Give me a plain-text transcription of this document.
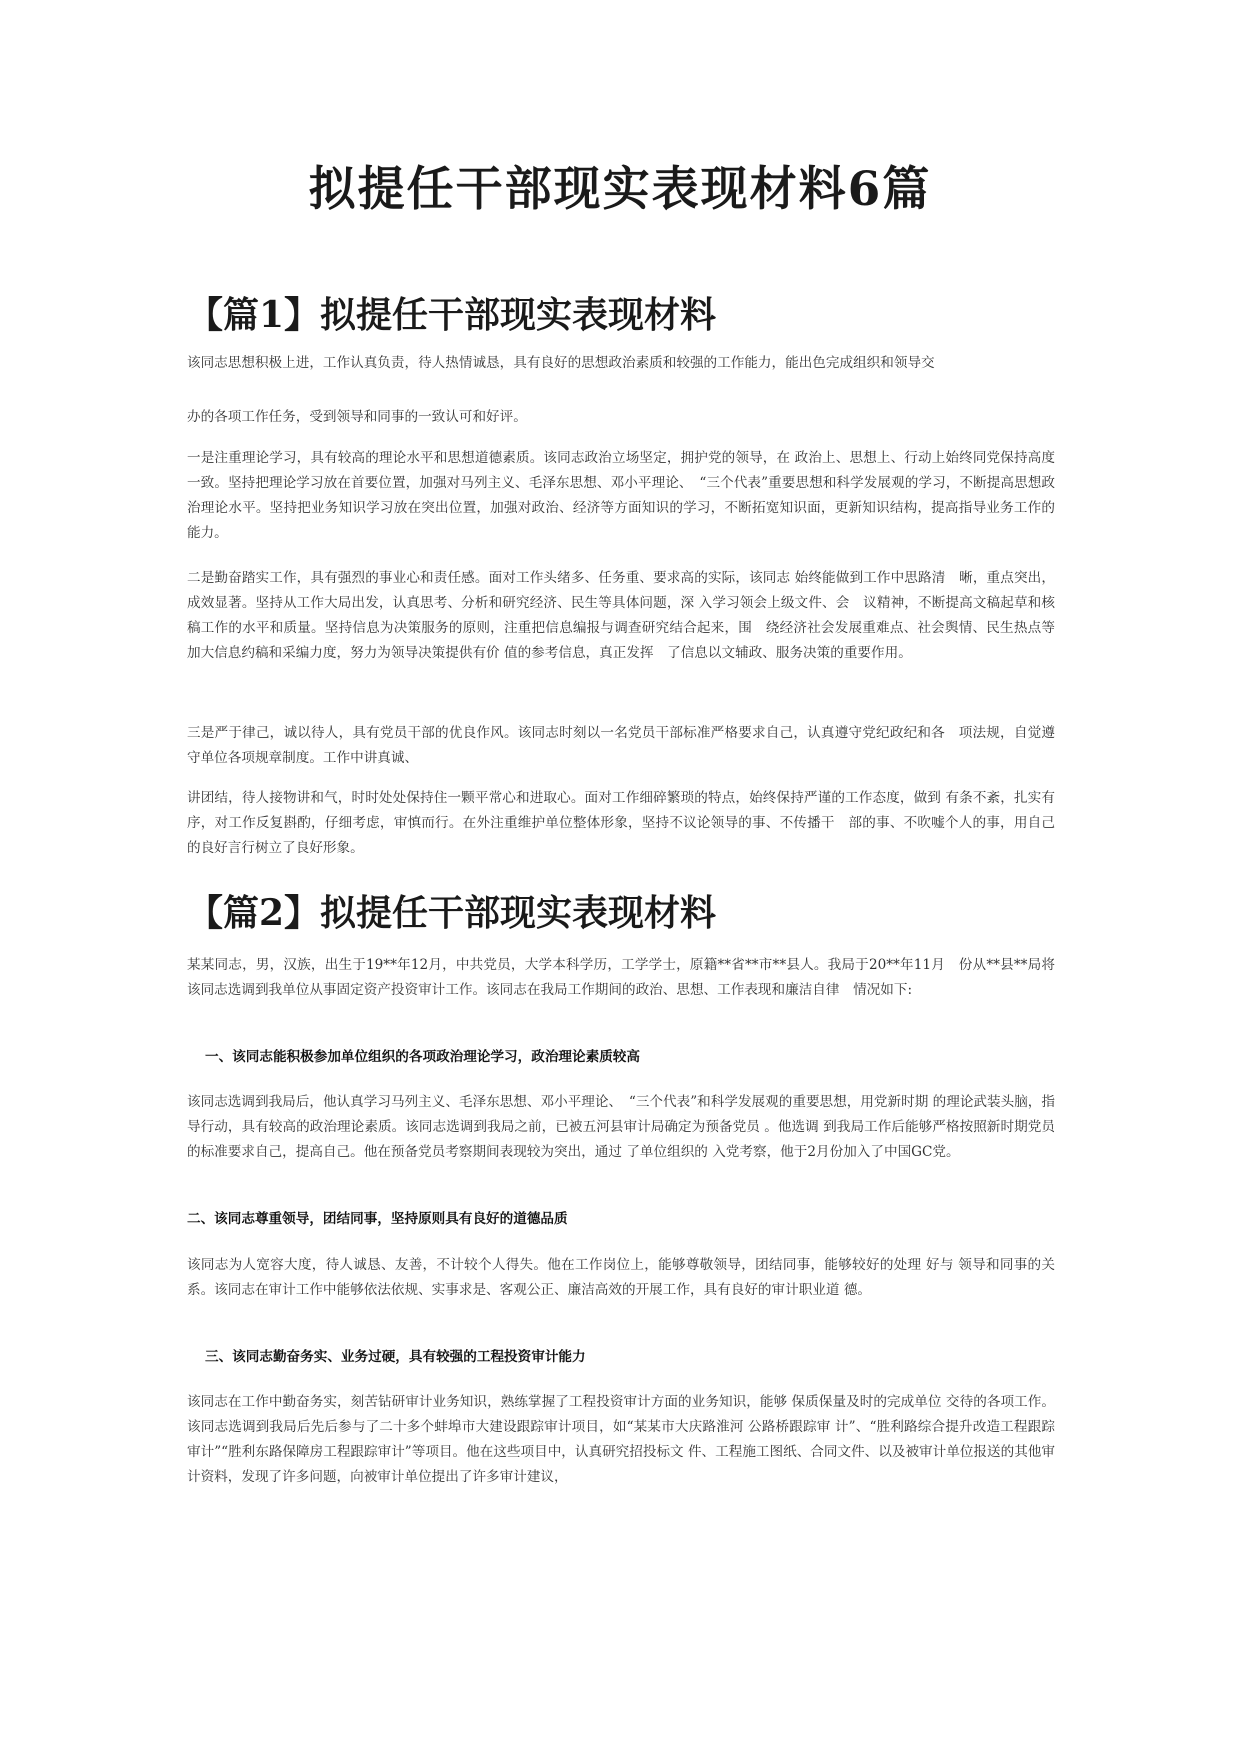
拟提任干部现实表现材料6篇
【篇1】拟提任干部现实表现材料

该同志思想积极上进，工作认真负责，待人热情诚恳，具有良好的思想政治素质和较强的工作能力，能出色完成组织和领导交

办的各项工作任务，受到领导和同事的一致认可和好评。

一是注重理论学习，具有较高的理论水平和思想道德素质。该同志政治立场坚定，拥护党的领导，在 政治上、思想上、行动上始终同党保持高度一致。坚持把理论学习放在首要位置，加强对马列主义、毛泽东思想、邓小平理论、　“三个代表”重要思想和科学发展观的学习，不断提高思想政治理论水平。坚持把业务知识学习放在突出位置，加强对政治、经济等方面知识的学习，不断拓宽知识面，更新知识结构，提高指导业务工作的能力。

二是勤奋踏实工作，具有强烈的事业心和责任感。面对工作头绪多、任务重、要求高的实际，该同志 始终能做到工作中思路清　晰，重点突出，成效显著。坚持从工作大局出发，认真思考、分析和研究经济、民生等具体问题，深 入学习领会上级文件、会　议精神，不断提高文稿起草和核稿工作的水平和质量。坚持信息为决策服务的原则，注重把信息编报与调查研究结合起来，围　绕经济社会发展重难点、社会舆情、民生热点等加大信息约稿和采编力度，努力为领导决策提供有价 值的参考信息，真正发挥　了信息以文辅政、服务决策的重要作用。

三是严于律己，诚以待人，具有党员干部的优良作风。该同志时刻以一名党员干部标准严格要求自己，认真遵守党纪政纪和各　项法规，自觉遵守单位各项规章制度。工作中讲真诚、

讲团结，待人接物讲和气，时时处处保持住一颗平常心和进取心。面对工作细碎繁琐的特点，始终保持严谨的工作态度，做到 有条不紊，扎实有序，对工作反复斟酌，仔细考虑，审慎而行。在外注重维护单位整体形象，坚持不议论领导的事、不传播干　部的事、不吹嘘个人的事，用自己的良好言行树立了良好形象。

【篇2】拟提任干部现实表现材料

某某同志，男，汉族，出生于19**年12月，中共党员，大学本科学历，工学学士，原籍**省**市**县人。我局于20**年11月　份从**县**局将该同志选调到我单位从事固定资产投资审计工作。该同志在我局工作期间的政治、思想、工作表现和廉洁自律　情况如下:

一、该同志能积极参加单位组织的各项政治理论学习，政治理论素质较高

该同志选调到我局后，他认真学习马列主义、毛泽东思想、邓小平理论、　“三个代表”和科学发展观的重要思想，用党新时期 的理论武装头脑，指导行动，具有较高的政治理论素质。该同志选调到我局之前，已被五河县审计局确定为预备党员 。他选调 到我局工作后能够严格按照新时期党员的标准要求自己，提高自己。他在预备党员考察期间表现较为突出，通过 了单位组织的 入党考察，他于2月份加入了中国GC党。

二、该同志尊重领导，团结同事，坚持原则具有良好的道德品质

该同志为人宽容大度，待人诚恳、友善，不计较个人得失。他在工作岗位上，能够尊敬领导，团结同事，能够较好的处理 好与 领导和同事的关系。该同志在审计工作中能够依法依规、实事求是、客观公正、廉洁高效的开展工作，具有良好的审计职业道 德。

三、该同志勤奋务实、业务过硬，具有较强的工程投资审计能力

该同志在工作中勤奋务实，刻苦钻研审计业务知识，熟练掌握了工程投资审计方面的业务知识，能够 保质保量及时的完成单位 交待的各项工作。该同志选调到我局后先后参与了二十多个蚌埠市大建设跟踪审计项目，如“某某市大庆路淮河 公路桥跟踪审 计”、“胜利路综合提升改造工程跟踪审计”“胜利东路保障房工程跟踪审计”等项目。他在这些项目中，认真研究招投标文 件、工程施工图纸、合同文件、以及被审计单位报送的其他审计资料，发现了许多问题，向被审计单位提出了许多审计建议，
